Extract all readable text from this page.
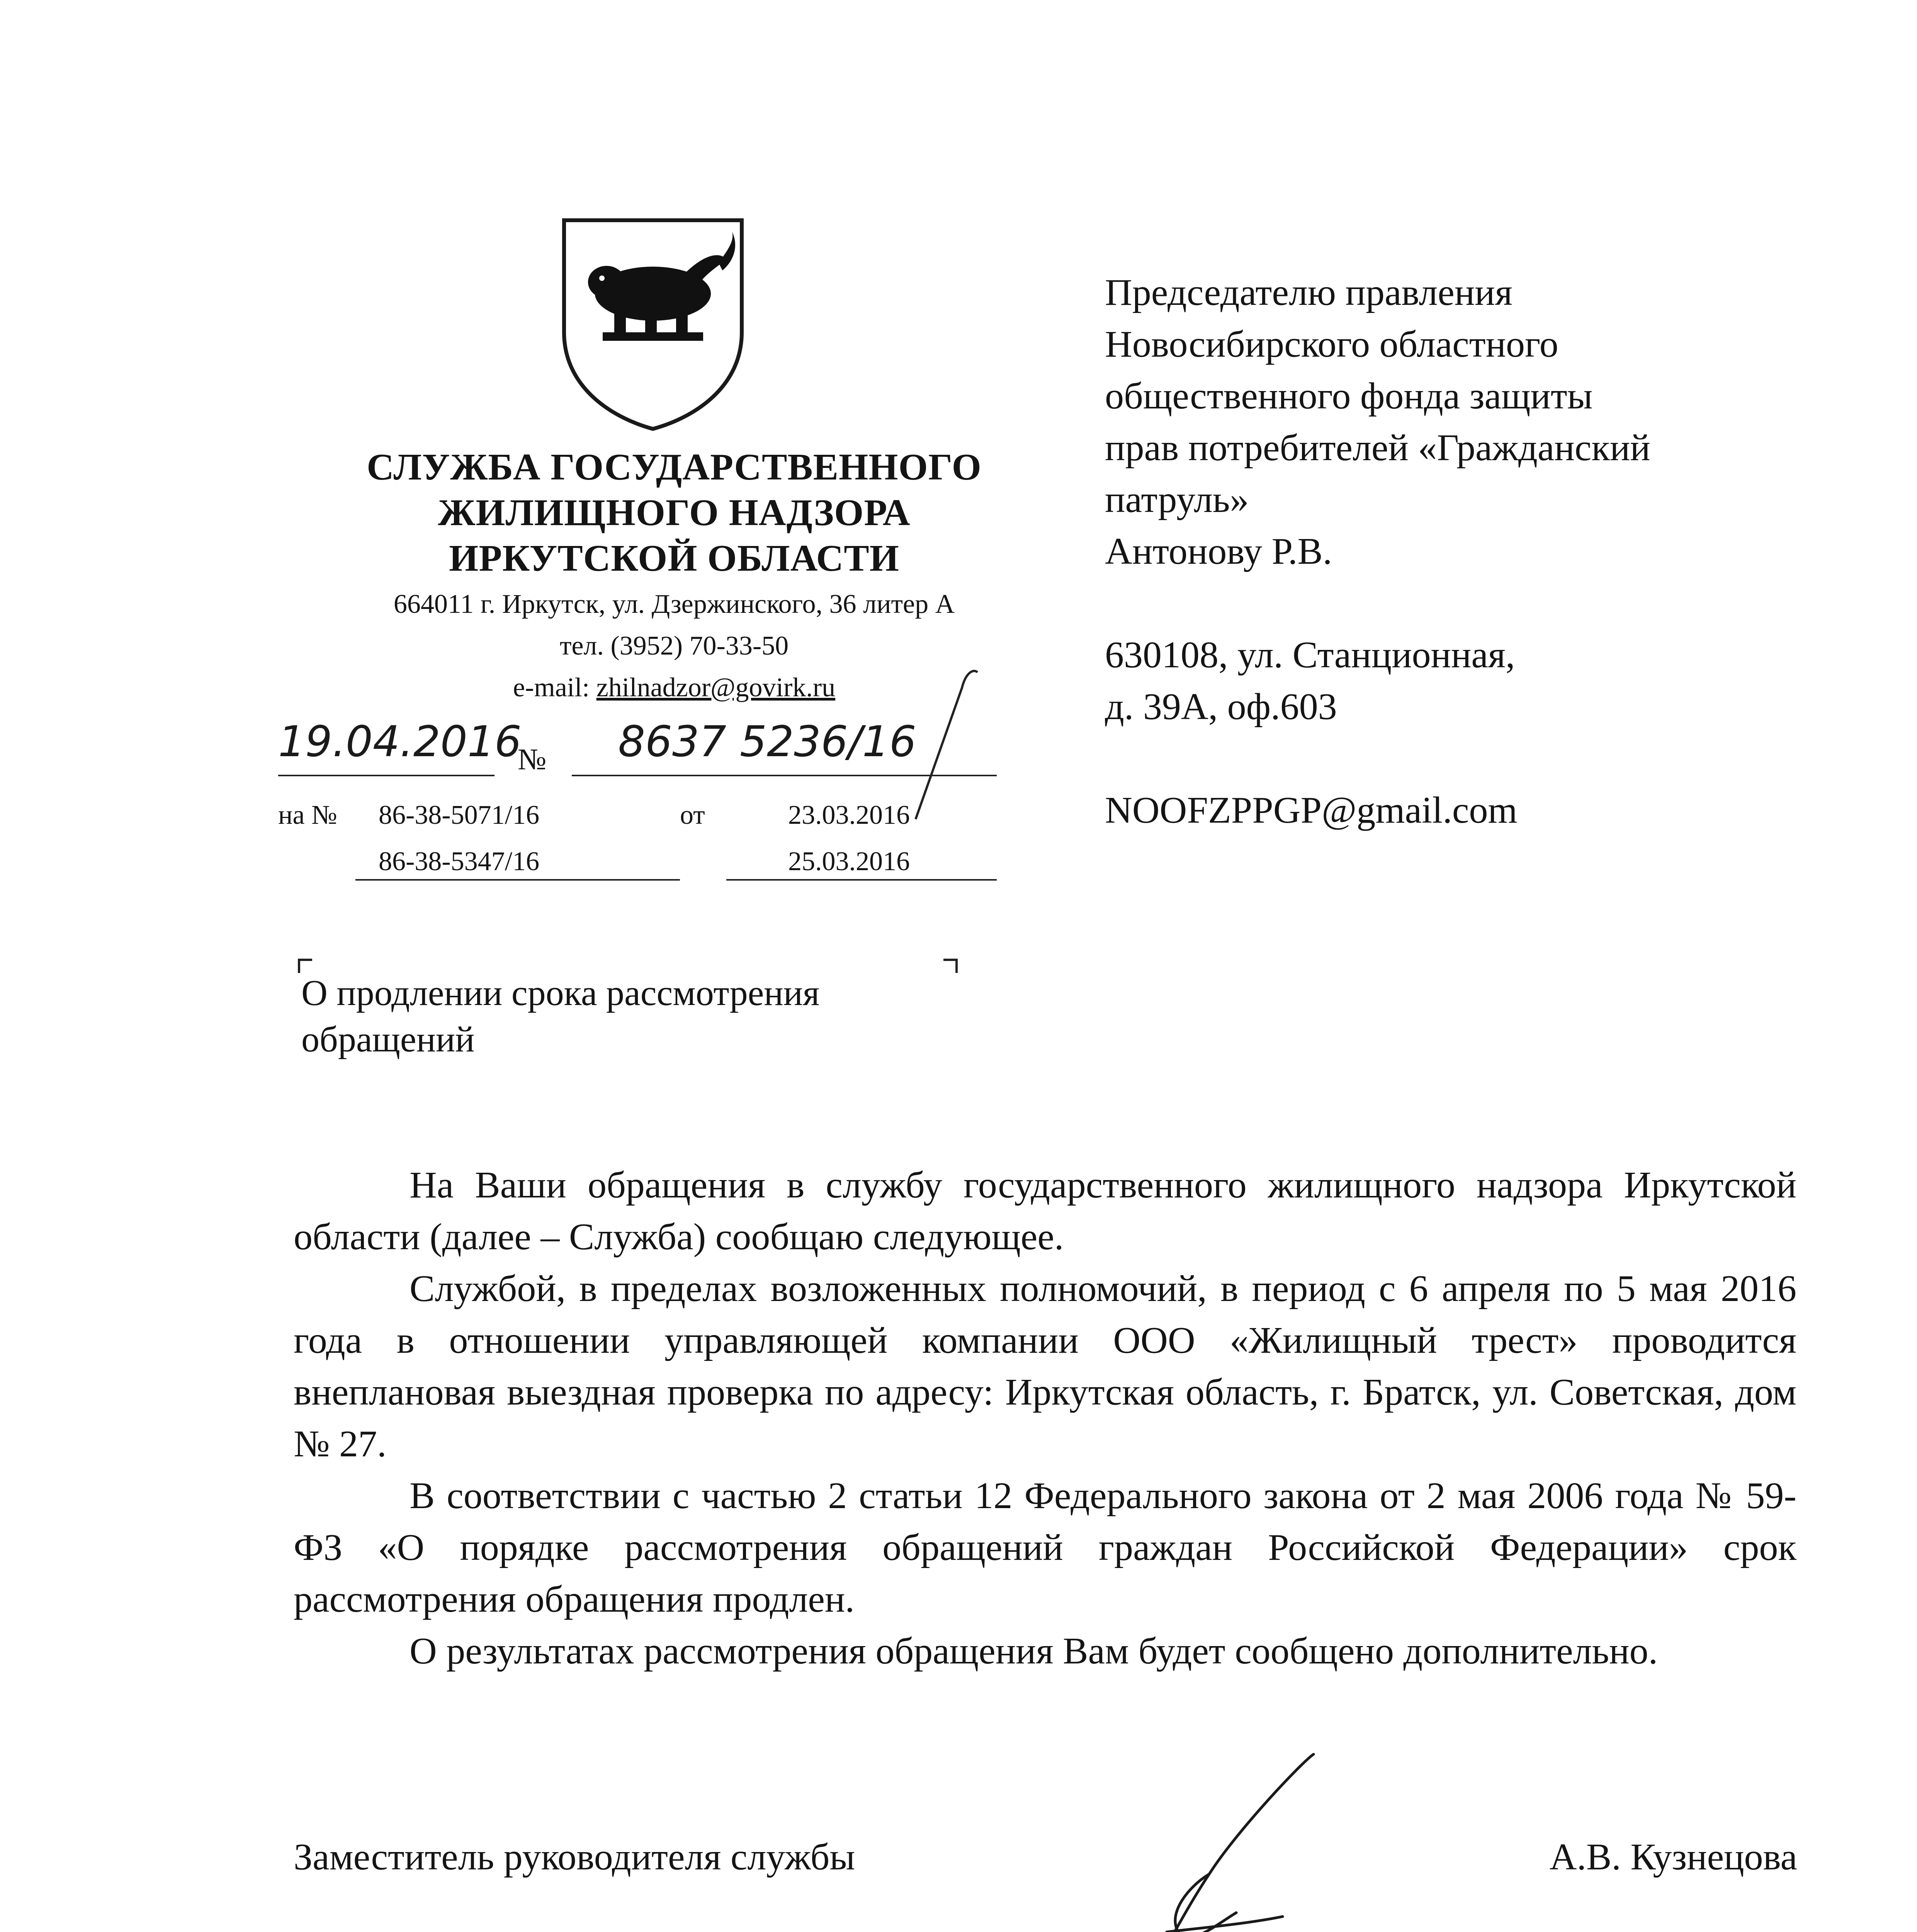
СЛУЖБА ГОСУДАРСТВЕННОГО
ЖИЛИЩНОГО НАДЗОРА
ИРКУТСКОЙ ОБЛАСТИ
664011 г. Иркутск, ул. Дзержинского, 36 литер А
тел. (3952) 70-33-50
e-mail: zhilnadzor@govirk.ru
19.04.2016
№ 8637 5236/16
на № 86-38-5071/16	от	23.03.2016
86-38-5347/16	25.03.2016
О продлении срока рассмотрения
обращений
Председателю правления
Новосибирского областного
общественного фонда защиты
прав потребителей «Гражданский
патруль»
Антонову Р.В.
630108, ул. Станционная,
д. 39А, оф.603
NOOFZPPGP@gmail.com

На Ваши обращения в службу государственного жилищного надзора Иркутской области (далее – Служба) сообщаю следующее.

Службой, в пределах возложенных полномочий, в период с 6 апреля по 5 мая 2016 года в отношении управляющей компании ООО «Жилищный трест» проводится внеплановая выездная проверка по адресу: Иркутская область, г. Братск, ул. Советская, дом № 27.

В соответствии с частью 2 статьи 12 Федерального закона от 2 мая 2006 года № 59-ФЗ «О порядке рассмотрения обращений граждан Российской Федерации» срок рассмотрения обращения продлен.

О результатах рассмотрения обращения Вам будет сообщено дополнительно.

Заместитель руководителя службы	А.В. Кузнецова
